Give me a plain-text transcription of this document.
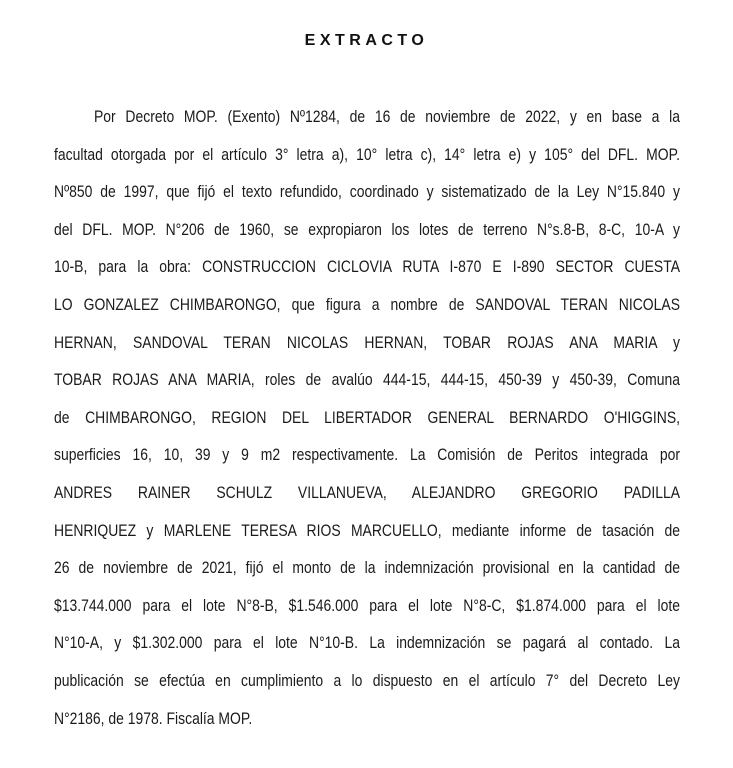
EXTRACTO
Por Decreto MOP. (Exento) Nº1284, de 16 de noviembre de 2022, y en base a la
facultad otorgada por el artículo 3° letra a), 10° letra c), 14° letra e) y 105° del DFL. MOP.
Nº850 de 1997, que fijó el texto refundido, coordinado y sistematizado de la Ley N°15.840 y
del DFL. MOP. N°206 de 1960, se expropiaron los lotes de terreno N°s.8-B, 8-C, 10-A y
10-B, para la obra: CONSTRUCCION CICLOVIA RUTA I-870 E I-890 SECTOR CUESTA
LO GONZALEZ CHIMBARONGO, que figura a nombre de SANDOVAL TERAN NICOLAS
HERNAN, SANDOVAL TERAN NICOLAS HERNAN, TOBAR ROJAS ANA MARIA y
TOBAR ROJAS ANA MARIA, roles de avalúo 444-15, 444-15, 450-39 y 450-39, Comuna
de CHIMBARONGO, REGION DEL LIBERTADOR GENERAL BERNARDO O'HIGGINS,
superficies 16, 10, 39 y 9 m2 respectivamente. La Comisión de Peritos integrada por
ANDRES RAINER SCHULZ VILLANUEVA, ALEJANDRO GREGORIO PADILLA
HENRIQUEZ y MARLENE TERESA RIOS MARCUELLO, mediante informe de tasación de
26 de noviembre de 2021, fijó el monto de la indemnización provisional en la cantidad de
$13.744.000 para el lote N°8-B, $1.546.000 para el lote N°8-C, $1.874.000 para el lote
N°10-A, y $1.302.000 para el lote N°10-B. La indemnización se pagará al contado. La
publicación se efectúa en cumplimiento a lo dispuesto en el artículo 7° del Decreto Ley
N°2186, de 1978. Fiscalía MOP.
